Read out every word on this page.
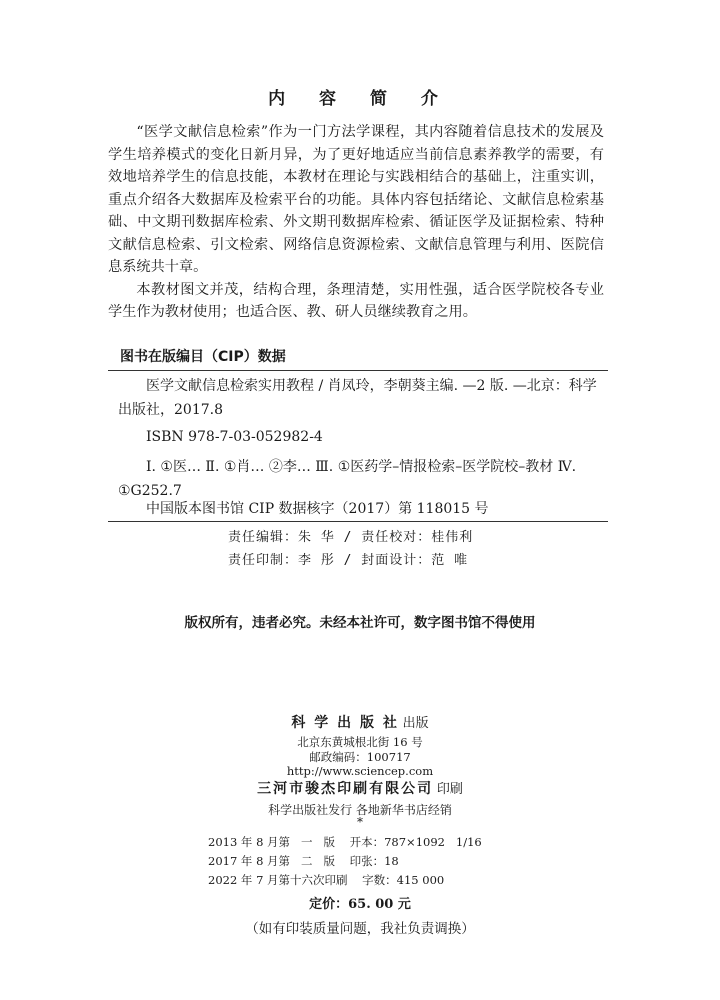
内 容 简 介

“医学文献信息检索”作为一门方法学课程，其内容随着信息技术的发展及学生培养模式的变化日新月异，为了更好地适应当前信息素养教学的需要，有效地培养学生的信息技能，本教材在理论与实践相结合的基础上，注重实训，重点介绍各大数据库及检索平台的功能。具体内容包括绪论、文献信息检索基础、中文期刊数据库检索、外文期刊数据库检索、循证医学及证据检索、特种文献信息检索、引文检索、网络信息资源检索、文献信息管理与利用、医院信息系统共十章。

本教材图文并茂，结构合理，条理清楚，实用性强，适合医学院校各专业学生作为教材使用；也适合医、教、研人员继续教育之用。

图书在版编目（CIP）数据
医学文献信息检索实用教程 / 肖凤玲，李朝葵主编. —2 版. —北京：科学出版社，2017.8
ISBN 978-7-03-052982-4
Ⅰ. ①医… Ⅱ. ①肖… ②李… Ⅲ. ①医药学–情报检索–医学院校–教材 Ⅳ. ①G252.7
中国版本图书馆 CIP 数据核字（2017）第 118015 号
责任编辑：朱 华 / 责任校对：桂伟利
责任印制：李 彤 / 封面设计：范 唯
版权所有，违者必究。未经本社许可，数字图书馆不得使用
科 学 出 版 社 出版
北京东黄城根北街 16 号
邮政编码：100717
http://www.sciencep.com
三河市骏杰印刷有限公司 印刷
科学出版社发行 各地新华书店经销
*
2013 年 8 月第   一   版    开本：787×1092   1/16
2017 年 8 月第   二   版    印张：18
2022 年 7 月第十六次印刷    字数：415 000
定价：65. 00 元
（如有印装质量问题，我社负责调换）
